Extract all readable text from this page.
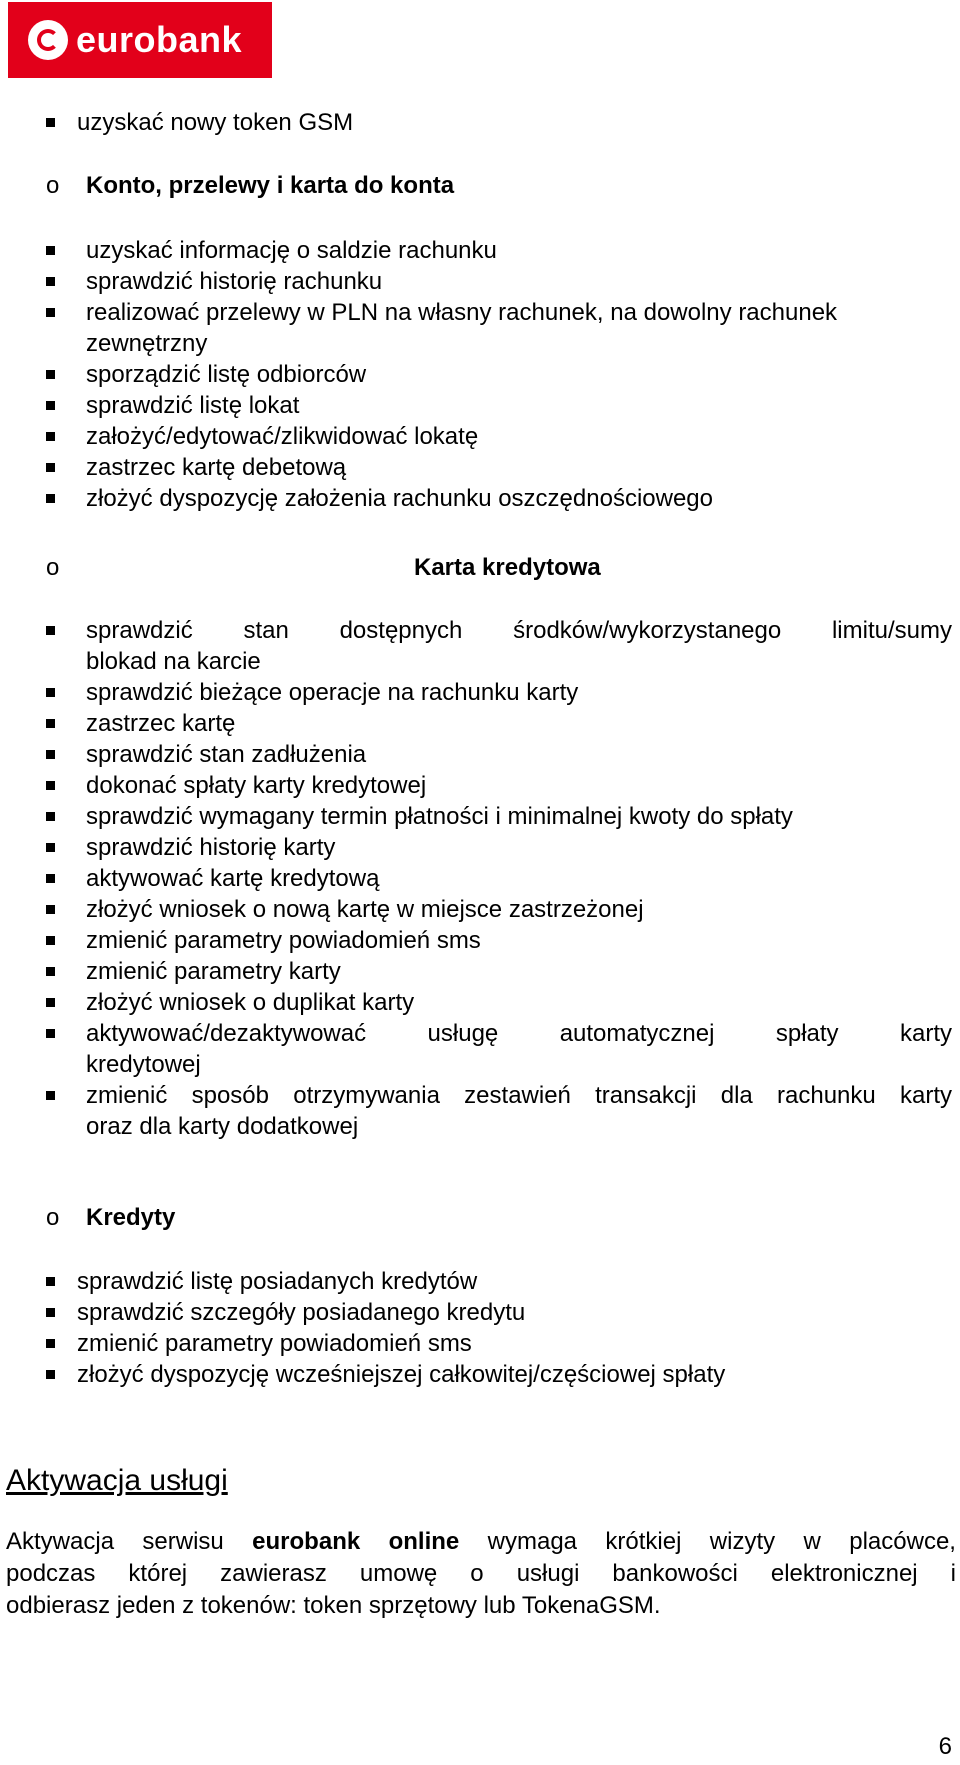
eurobank
uzyskać nowy token GSM
o Konto, przelewy i karta do konta
uzyskać informację o saldzie rachunku
sprawdzić historię rachunku
realizować przelewy w PLN na własny rachunek, na dowolny rachunek
zewnętrzny
sporządzić listę odbiorców
sprawdzić listę lokat
założyć/edytować/zlikwidować lokatę
zastrzec kartę debetową
złożyć dyspozycję założenia rachunku oszczędnościowego
o	Karta kredytowa
sprawdzić stan dostępnych środków/wykorzystanego limitu/sumy
blokad na karcie
sprawdzić bieżące operacje na rachunku karty
zastrzec kartę
sprawdzić stan zadłużenia
dokonać spłaty karty kredytowej
sprawdzić wymagany termin płatności i minimalnej kwoty do spłaty
sprawdzić historię karty
aktywować kartę kredytową
złożyć wniosek o nową kartę w miejsce zastrzeżonej
zmienić parametry powiadomień sms
zmienić parametry karty
złożyć wniosek o duplikat karty
aktywować/dezaktywować usługę automatycznej spłaty karty
kredytowej
zmienić sposób otrzymywania zestawień transakcji dla rachunku karty
oraz dla karty dodatkowej
o Kredyty
sprawdzić listę posiadanych kredytów
sprawdzić szczegóły posiadanego kredytu
zmienić parametry powiadomień sms
złożyć dyspozycję wcześniejszej całkowitej/częściowej spłaty
Aktywacja usługi
Aktywacja serwisu eurobank online wymaga krótkiej wizyty w placówce,
podczas której zawierasz umowę o usługi bankowości elektronicznej i
odbierasz jeden z tokenów: token sprzętowy lub TokenaGSM.
6
